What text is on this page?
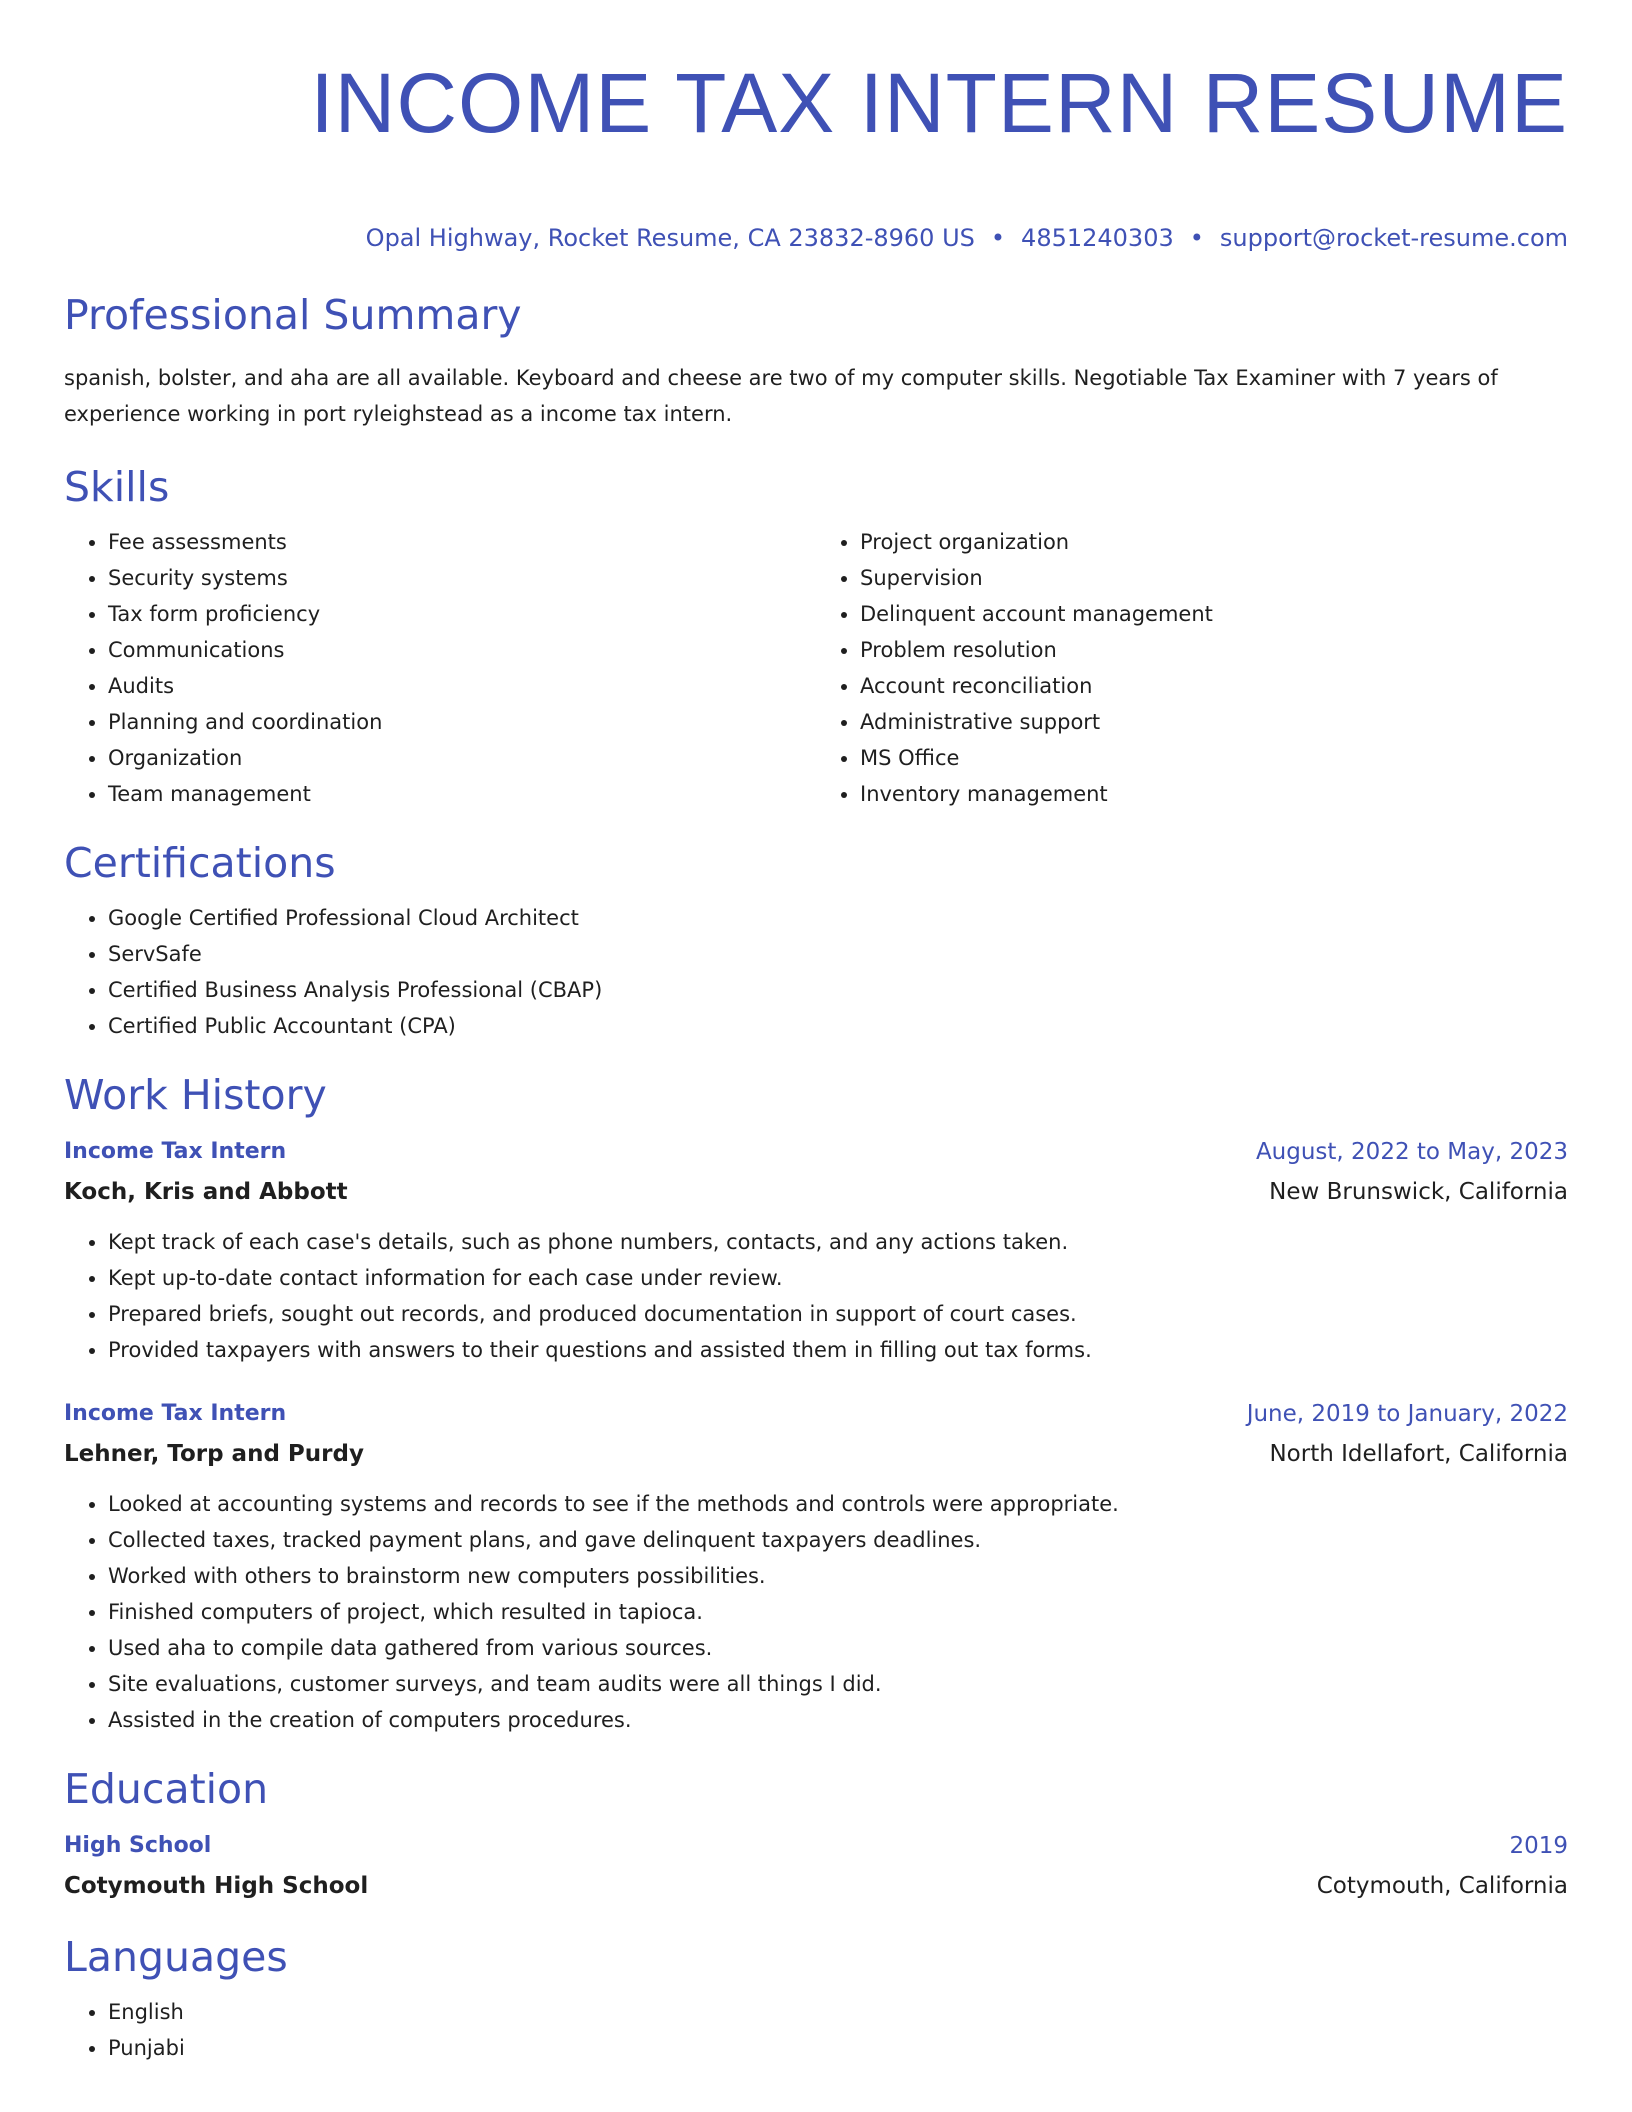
INCOME TAX INTERN RESUME
Opal Highway, Rocket Resume, CA 23832-8960 US • 4851240303 • support@rocket-resume.com
Professional Summary

spanish, bolster, and aha are all available. Keyboard and cheese are two of my computer skills. Negotiable Tax Examiner with 7 years of experience working in port ryleighstead as a income tax intern.

Skills
• Fee assessments
• Security systems
• Tax form proficiency
• Communications
• Audits
• Planning and coordination
• Organization
• Team management
• Project organization
• Supervision
• Delinquent account management
• Problem resolution
• Account reconciliation
• Administrative support
• MS Office
• Inventory management
Certifications
• Google Certified Professional Cloud Architect
• ServSafe
• Certified Business Analysis Professional (CBAP)
• Certified Public Accountant (CPA)
Work History
Income Tax Intern	August, 2022 to May, 2023
Koch, Kris and Abbott	New Brunswick, California
• Kept track of each case's details, such as phone numbers, contacts, and any actions taken.
• Kept up-to-date contact information for each case under review.
• Prepared briefs, sought out records, and produced documentation in support of court cases.
• Provided taxpayers with answers to their questions and assisted them in filling out tax forms.
Income Tax Intern	June, 2019 to January, 2022
Lehner, Torp and Purdy	North Idellafort, California
• Looked at accounting systems and records to see if the methods and controls were appropriate.
• Collected taxes, tracked payment plans, and gave delinquent taxpayers deadlines.
• Worked with others to brainstorm new computers possibilities.
• Finished computers of project, which resulted in tapioca.
• Used aha to compile data gathered from various sources.
• Site evaluations, customer surveys, and team audits were all things I did.
• Assisted in the creation of computers procedures.
Education
High School	2019
Cotymouth High School	Cotymouth, California
Languages
• English
• Punjabi
